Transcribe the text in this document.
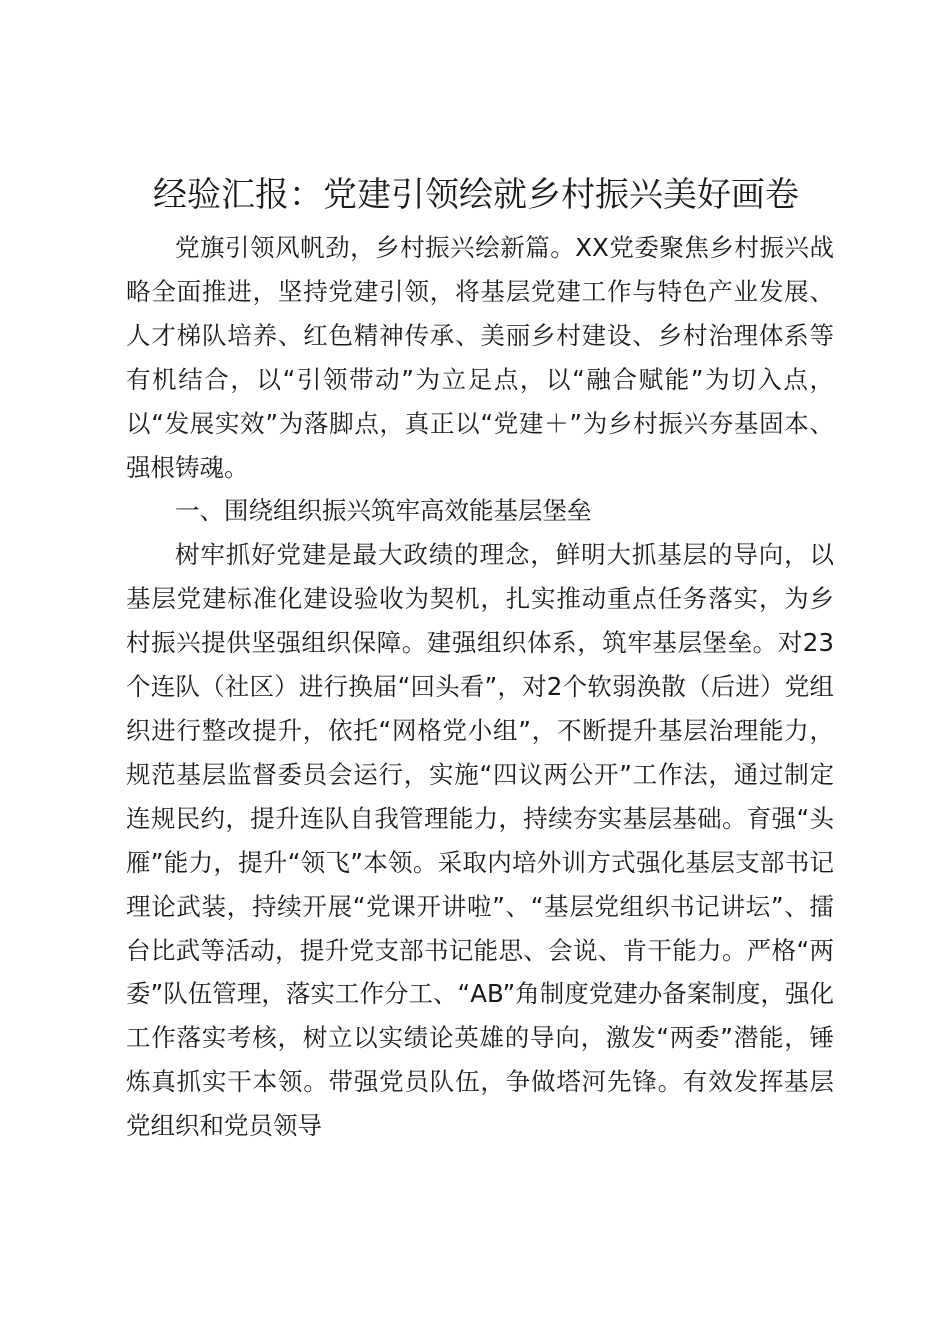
经验汇报：党建引领绘就乡村振兴美好画卷

党旗引领风帆劲，乡村振兴绘新篇。XX党委聚焦乡村振兴战略全面推进，坚持党建引领，将基层党建工作与特色产业发展、人才梯队培养、红色精神传承、美丽乡村建设、乡村治理体系等有机结合，以“引领带动”为立足点，以“融合赋能”为切入点，以“发展实效”为落脚点，真正以“党建＋”为乡村振兴夯基固本、强根铸魂。

一、围绕组织振兴筑牢高效能基层堡垒

树牢抓好党建是最大政绩的理念，鲜明大抓基层的导向，以基层党建标准化建设验收为契机，扎实推动重点任务落实，为乡村振兴提供坚强组织保障。建强组织体系，筑牢基层堡垒。对23个连队（社区）进行换届“回头看”，对2个软弱涣散（后进）党组织进行整改提升，依托“网格党小组”，不断提升基层治理能力，规范基层监督委员会运行，实施“四议两公开”工作法，通过制定连规民约，提升连队自我管理能力，持续夯实基层基础。育强“头雁”能力，提升“领飞”本领。采取内培外训方式强化基层支部书记理论武装，持续开展“党课开讲啦”、“基层党组织书记讲坛”、擂台比武等活动，提升党支部书记能思、会说、肯干能力。严格“两委”队伍管理，落实工作分工、“AB”角制度党建办备案制度，强化工作落实考核，树立以实绩论英雄的导向，激发“两委”潜能，锤炼真抓实干本领。带强党员队伍，争做塔河先锋。有效发挥基层党组织和党员领导
